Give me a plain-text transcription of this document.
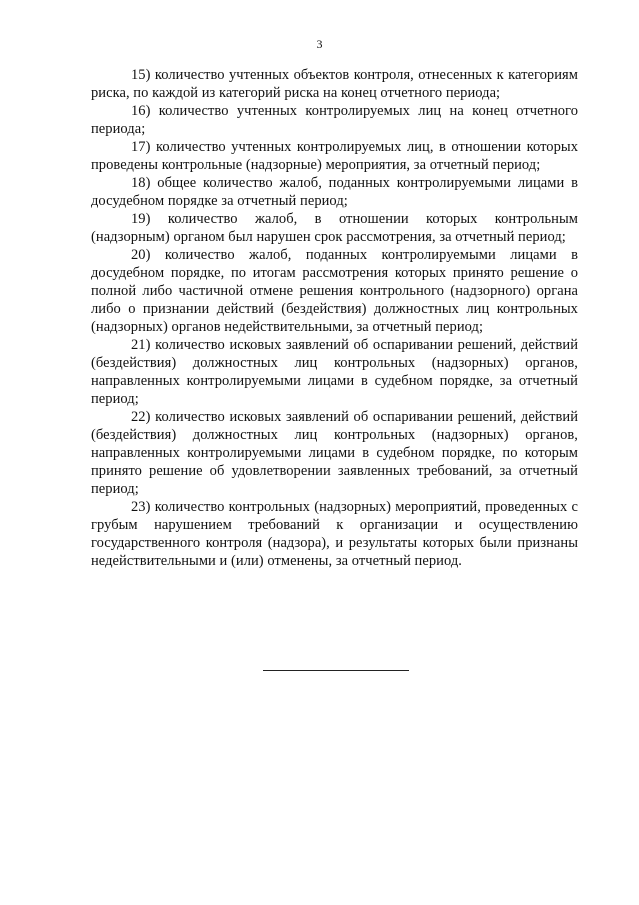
3

15) количество учтенных объектов контроля, отнесенных к категориям риска, по каждой из категорий риска на конец отчетного периода;

16) количество учтенных контролируемых лиц на конец отчетного периода;

17) количество учтенных контролируемых лиц, в отношении которых проведены контрольные (надзорные) мероприятия, за отчетный период;

18) общее количество жалоб, поданных контролируемыми лицами в досудебном порядке за отчетный период;

19) количество жалоб, в отношении которых контрольным (надзорным) органом был нарушен срок рассмотрения, за отчетный период;

20) количество жалоб, поданных контролируемыми лицами в досудебном порядке, по итогам рассмотрения которых принято решение о полной либо частичной отмене решения контрольного (надзорного) органа либо о признании действий (бездействия) должностных лиц контрольных (надзорных) органов недействительными, за отчетный период;

21) количество исковых заявлений об оспаривании решений, действий (бездействия) должностных лиц контрольных (надзорных) органов, направленных контролируемыми лицами в судебном порядке, за отчетный период;

22) количество исковых заявлений об оспаривании решений, действий (бездействия) должностных лиц контрольных (надзорных) органов, направленных контролируемыми лицами в судебном порядке, по которым принято решение об удовлетворении заявленных требований, за отчетный период;

23) количество контрольных (надзорных) мероприятий, проведенных с грубым нарушением требований к организации и осуществлению государственного контроля (надзора), и результаты которых были признаны недействительными и (или) отменены, за отчетный период.
